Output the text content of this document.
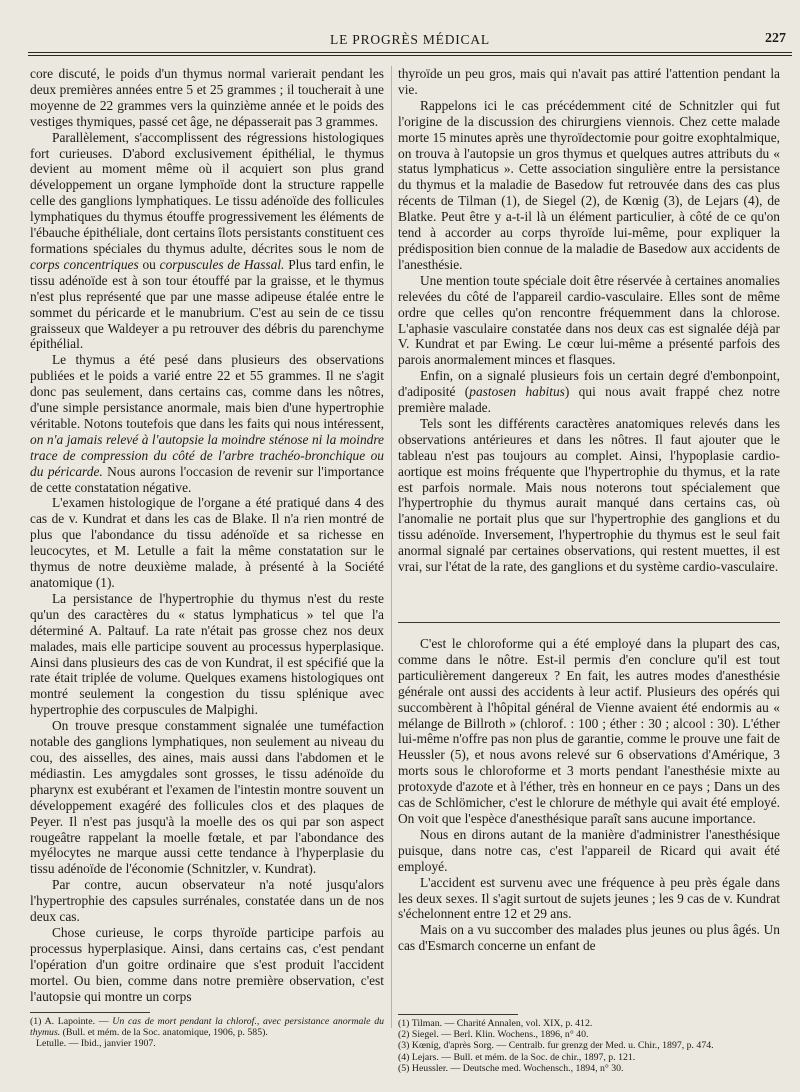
LE PROGRÈS MÉDICAL	227

core discuté, le poids d'un thymus normal varierait pendant les deux premières années entre 5 et 25 grammes ; il toucherait à une moyenne de 22 grammes vers la quinzième année et le poids des vestiges thymiques, passé cet âge, ne dépasserait pas 3 grammes.

Parallèlement, s'accomplissent des régressions histologiques fort curieuses. D'abord exclusivement épithélial, le thymus devient au moment même où il acquiert son plus grand développement un organe lymphoïde dont la structure rappelle celle des ganglions lymphatiques. Le tissu adénoïde des follicules lymphatiques du thymus étouffe progressivement les éléments de l'ébauche épithéliale, dont certains îlots persistants constituent ces formations spéciales du thymus adulte, décrites sous le nom de corps concentriques ou corpuscules de Hassal. Plus tard enfin, le tissu adénoïde est à son tour étouffé par la graisse, et le thymus n'est plus représenté que par une masse adipeuse étalée entre le sommet du péricarde et le manubrium. C'est au sein de ce tissu graisseux que Waldeyer a pu retrouver des débris du parenchyme épithélial.

Le thymus a été pesé dans plusieurs des observations publiées et le poids a varié entre 22 et 55 grammes. Il ne s'agit donc pas seulement, dans certains cas, comme dans les nôtres, d'une simple persistance anormale, mais bien d'une hypertrophie véritable. Notons toutefois que dans les faits qui nous intéressent, on n'a jamais relevé à l'autopsie la moindre sténose ni la moindre trace de compression du côté de l'arbre trachéo-bronchique ou du péricarde. Nous aurons l'occasion de revenir sur l'importance de cette constatation négative.

L'examen histologique de l'organe a été pratiqué dans 4 des cas de v. Kundrat et dans les cas de Blake. Il n'a rien montré de plus que l'abondance du tissu adénoïde et sa richesse en leucocytes, et M. Letulle a fait la même constatation sur le thymus de notre deuxième malade, à présenté à la Société anatomique (1).

La persistance de l'hypertrophie du thymus n'est du reste qu'un des caractères du « status lymphaticus » tel que l'a déterminé A. Paltauf. La rate n'était pas grosse chez nos deux malades, mais elle participe souvent au processus hyperplasique. Ainsi dans plusieurs des cas de von Kundrat, il est spécifié que la rate était triplée de volume. Quelques examens histologiques ont montré seulement la congestion du tissu splénique avec hypertrophie des corpuscules de Malpighi.

On trouve presque constamment signalée une tuméfaction notable des ganglions lymphatiques, non seulement au niveau du cou, des aisselles, des aines, mais aussi dans l'abdomen et le médiastin. Les amygdales sont grosses, le tissu adénoïde du pharynx est exubérant et l'examen de l'intestin montre souvent un développement exagéré des follicules clos et des plaques de Peyer. Il n'est pas jusqu'à la moelle des os qui par son aspect rougeâtre rappelant la moelle fœtale, et par l'abondance des myélocytes ne marque aussi cette tendance à l'hyperplasie du tissu adénoïde de l'économie (Schnitzler, v. Kundrat).

Par contre, aucun observateur n'a noté jusqu'alors l'hypertrophie des capsules surrénales, constatée dans un de nos deux cas.

Chose curieuse, le corps thyroïde participe parfois au processus hyperplasique. Ainsi, dans certains cas, c'est pendant l'opération d'un goitre ordinaire que s'est produit l'accident mortel. Ou bien, comme dans notre première observation, c'est l'autopsie qui montre un corps

thyroïde un peu gros, mais qui n'avait pas attiré l'attention pendant la vie.

Rappelons ici le cas précédemment cité de Schnitzler qui fut l'origine de la discussion des chirurgiens viennois. Chez cette malade morte 15 minutes après une thyroïdectomie pour goitre exophtalmique, on trouva à l'autopsie un gros thymus et quelques autres attributs du « status lymphaticus ». Cette association singulière entre la persistance du thymus et la maladie de Basedow fut retrouvée dans des cas plus récents de Tilman (1), de Siegel (2), de Kœnig (3), de Lejars (4), de Blatke. Peut être y a-t-il là un élément particulier, à côté de ce qu'on tend à accorder au corps thyroïde lui-même, pour expliquer la prédisposition bien connue de la maladie de Basedow aux accidents de l'anesthésie.

Une mention toute spéciale doit être réservée à certaines anomalies relevées du côté de l'appareil cardio-vasculaire. Elles sont de même ordre que celles qu'on rencontre fréquemment dans la chlorose. L'aphasie vasculaire constatée dans nos deux cas est signalée déjà par V. Kundrat et par Ewing. Le cœur lui-même a présenté parfois des parois anormalement minces et flasques.

Enfin, on a signalé plusieurs fois un certain degré d'embonpoint, d'adiposité (pastosen habitus) qui nous avait frappé chez notre première malade.

Tels sont les différents caractères anatomiques relevés dans les observations antérieures et dans les nôtres. Il faut ajouter que le tableau n'est pas toujours au complet. Ainsi, l'hypoplasie cardio-aortique est moins fréquente que l'hypertrophie du thymus, et la rate est parfois normale. Mais nous noterons tout spécialement que l'hypertrophie du thymus aurait manqué dans certains cas, où l'anomalie ne portait plus que sur l'hypertrophie des ganglions et du tissu adénoïde. Inversement, l'hypertrophie du thymus est le seul fait anormal signalé par certaines observations, qui restent muettes, il est vrai, sur l'état de la rate, des ganglions et du système cardio-vasculaire.

C'est le chloroforme qui a été employé dans la plupart des cas, comme dans le nôtre. Est-il permis d'en conclure qu'il est tout particulièrement dangereux ? En fait, les autres modes d'anesthésie générale ont aussi des accidents à leur actif. Plusieurs des opérés qui succombèrent à l'hôpital général de Vienne avaient été endormis au « mélange de Billroth » (chlorof. : 100 ; éther : 30 ; alcool : 30). L'éther lui-même n'offre pas non plus de garantie, comme le prouve une fait de Heussler (5), et nous avons relevé sur 6 observations d'Amérique, 3 morts sous le chloroforme et 3 morts pendant l'anesthésie mixte au protoxyde d'azote et à l'éther, très en honneur en ce pays ; Dans un des cas de Schlömicher, c'est le chlorure de méthyle qui avait été employé. On voit que l'espèce d'anesthésique paraît sans aucune importance.

Nous en dirons autant de la manière d'administrer l'anesthésique puisque, dans notre cas, c'est l'appareil de Ricard qui avait été employé.

L'accident est survenu avec une fréquence à peu près égale dans les deux sexes. Il s'agit surtout de sujets jeunes ; les 9 cas de v. Kundrat s'échelonnent entre 12 et 29 ans.

Mais on a vu succomber des malades plus jeunes ou plus âgés. Un cas d'Esmarch concerne un enfant de

(1) A. Lapointe. — Un cas de mort pendant la chlorof., avec persistance anormale du thymus. (Bull. et mém. de la Soc. anatomique, 1906, p. 585).
Letulle. — Ibid., janvier 1907.
(1) Tilman. — Charité Annalen, vol. XIX, p. 412.
(2) Siegel. — Berl. Klin. Wochens., 1896, n° 40.
(3) Kœnig, d'après Sorg. — Centralb. fur grenzg der Med. u. Chir., 1897, p. 474.
(4) Lejars. — Bull. et mém. de la Soc. de chir., 1897, p. 121.
(5) Heussler. — Deutsche med. Wochensch., 1894, n° 30.
